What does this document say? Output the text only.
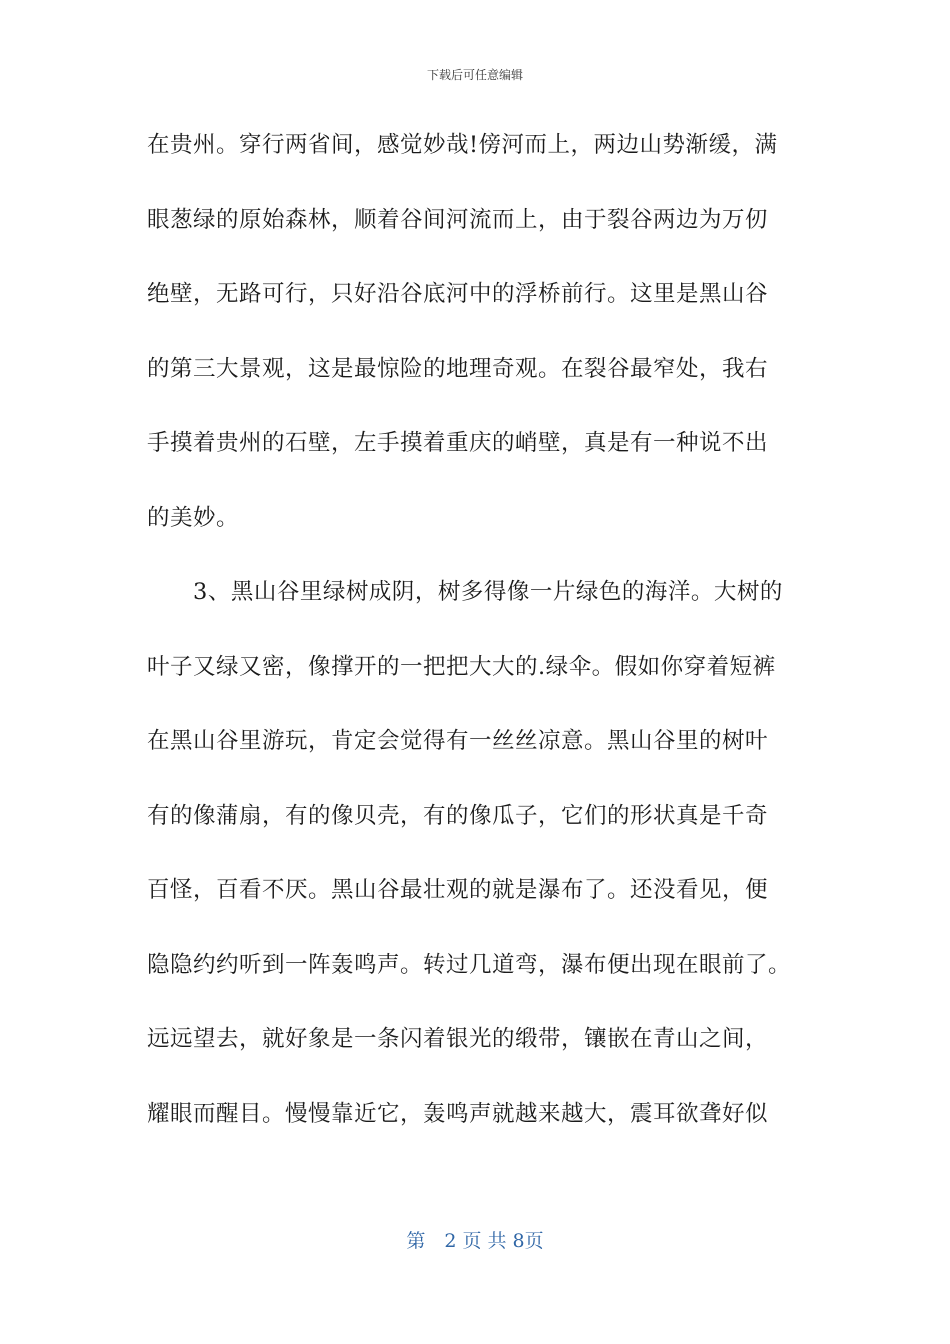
下载后可任意编辑
在贵州。穿行两省间，感觉妙哉!傍河而上，两边山势渐缓，满
眼葱绿的原始森林，顺着谷间河流而上，由于裂谷两边为万仞
绝壁，无路可行，只好沿谷底河中的浮桥前行。这里是黑山谷
的第三大景观，这是最惊险的地理奇观。在裂谷最窄处，我右
手摸着贵州的石壁，左手摸着重庆的峭壁，真是有一种说不出
的美妙。
　　3、黑山谷里绿树成阴，树多得像一片绿色的海洋。大树的
叶子又绿又密，像撑开的一把把大大的.绿伞。假如你穿着短裤
在黑山谷里游玩，肯定会觉得有一丝丝凉意。黑山谷里的树叶
有的像蒲扇，有的像贝壳，有的像瓜子，它们的形状真是千奇
百怪，百看不厌。黑山谷最壮观的就是瀑布了。还没看见，便
隐隐约约听到一阵轰鸣声。转过几道弯，瀑布便出现在眼前了。
远远望去，就好象是一条闪着银光的缎带，镶嵌在青山之间，
耀眼而醒目。慢慢靠近它，轰鸣声就越来越大，震耳欲聋好似
第　2 页 共 8页
